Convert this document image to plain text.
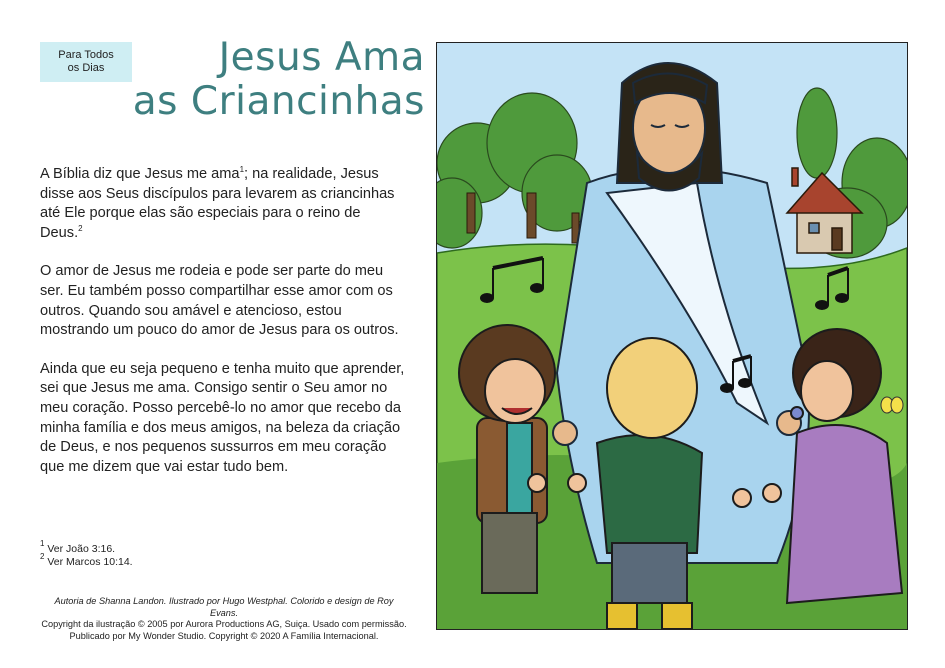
Para Todos
os Dias	Jesus Ama
as Criancinhas

A Bíblia diz que Jesus me ama$^1$; na realidade, Jesus disse aos Seus discípulos para levarem as criancinhas até Ele porque elas são especiais para o reino de Deus.$^2$

O amor de Jesus me rodeia e pode ser parte do meu ser. Eu também posso compartilhar esse amor com os outros. Quando sou amável e atencioso, estou mostrando um pouco do amor de Jesus para os outros.

Ainda que eu seja pequeno e tenha muito que aprender, sei que Jesus me ama. Consigo sentir o Seu amor no meu coração. Posso percebê-lo no amor que recebo da minha família e dos meus amigos, na beleza da criação de Deus, e nos pequenos sussurros em meu coração que me dizem que vai estar tudo bem.

$^1$ Ver João 3:16.
$^2$ Ver Marcos 10:14.
Autoria de Shanna Landon. Ilustrado por Hugo Westphal. Colorido e design de Roy Evans.
Copyright da ilustração © 2005 por Aurora Productions AG, Suiça. Usado com permissão.
Publicado por My Wonder Studio. Copyright © 2020 A Família Internacional.
